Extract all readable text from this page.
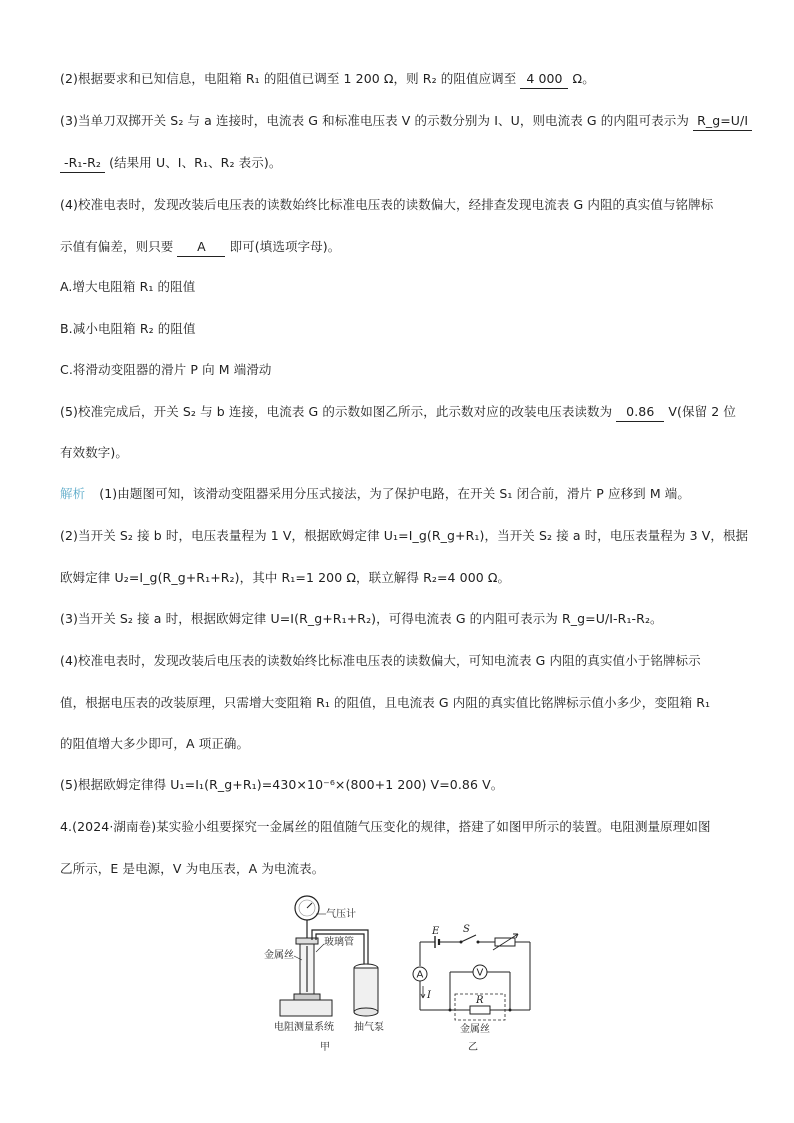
(2)根据要求和已知信息，电阻箱 R₁ 的阻值已调至 1 200 Ω，则 R₂ 的阻值应调至 4 000 Ω。
(3)当单刀双掷开关 S₂ 与 a 连接时，电流表 G 和标准电压表 V 的示数分别为 I、U，则电流表 G 的内阻可表示为 R_g=U/I
-R₁-R₂ (结果用 U、I、R₁、R₂ 表示)。
(4)校准电表时，发现改装后电压表的读数始终比标准电压表的读数偏大，经排查发现电流表 G 内阻的真实值与铭牌标
示值有偏差，则只要 A 即可(填选项字母)。
A.增大电阻箱 R₁ 的阻值
B.减小电阻箱 R₂ 的阻值
C.将滑动变阻器的滑片 P 向 M 端滑动
(5)校准完成后，开关 S₂ 与 b 连接，电流表 G 的示数如图乙所示，此示数对应的改装电压表读数为 0.86 V(保留 2 位
有效数字)。
解析 (1)由题图可知，该滑动变阻器采用分压式接法，为了保护电路，在开关 S₁ 闭合前，滑片 P 应移到 M 端。
(2)当开关 S₂ 接 b 时，电压表量程为 1 V，根据欧姆定律 U₁=I_g(R_g+R₁)，当开关 S₂ 接 a 时，电压表量程为 3 V，根据
欧姆定律 U₂=I_g(R_g+R₁+R₂)，其中 R₁=1 200 Ω，联立解得 R₂=4 000 Ω。
(3)当开关 S₂ 接 a 时，根据欧姆定律 U=I(R_g+R₁+R₂)，可得电流表 G 的内阻可表示为 R_g=U/I-R₁-R₂。
(4)校准电表时，发现改装后电压表的读数始终比标准电压表的读数偏大，可知电流表 G 内阻的真实值小于铭牌标示
值，根据电压表的改装原理，只需增大变阻箱 R₁ 的阻值，且电流表 G 内阻的真实值比铭牌标示值小多少，变阻箱 R₁
的阻值增大多少即可，A 项正确。
(5)根据欧姆定律得 U₁=I₁(R_g+R₁)=430×10⁻⁶×(800+1 200) V=0.86 V。
4.(2024·湖南卷)某实验小组要探究一金属丝的阻值随气压变化的规律，搭建了如图甲所示的装置。电阻测量原理如图
乙所示，E 是电源，V 为电压表，A 为电流表。
气压计
玻璃管
金属丝
电阻测量系统 抽气泵
甲
A
I
V
E S
R
金属丝
乙
